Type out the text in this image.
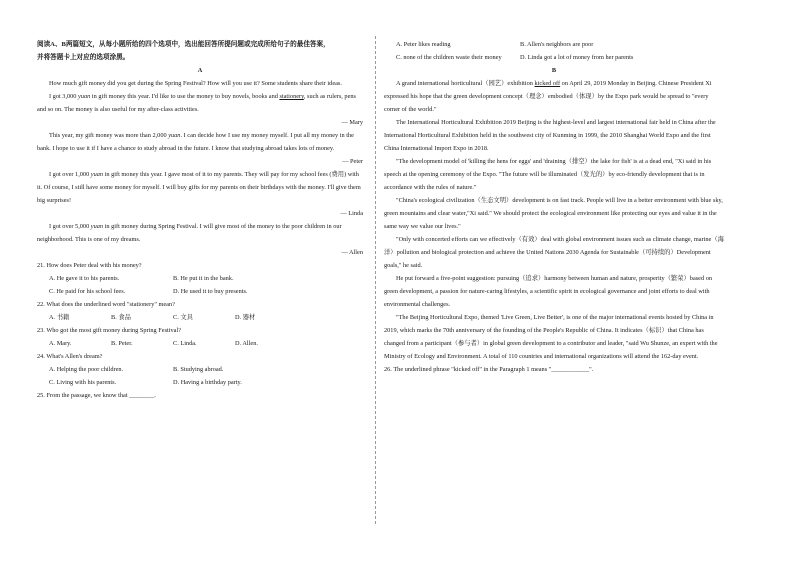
阅读A、B两篇短文，从每小题所给的四个选项中，选出能回答所提问题或完成所给句子的最佳答案，

并将答题卡上对应的选项涂黑。

A

How much gift money did you get during the Spring Festival? How will you use it? Some students share their ideas.

I got 3,000 yuan in gift money this year. I'd like to use the money to buy novels, books and stationery, such as rulers, pens and so on. The money is also useful for my after-class activities.

— Mary

This year, my gift money was more than 2,000 yuan. I can decide how I use my money myself. I put all my money in the bank. I hope to use it if I have a chance to study abroad in the future. I know that studying abroad takes lots of money.

— Peter

I got over 1,000 yuan in gift money this year. I gave most of it to my parents. They will pay for my school fees (费用) with it. Of course, I still have some money for myself. I will buy gifts for my parents on their birthdays with the money. I'll give them big surprises!

— Linda

I got over 5,000 yuan in gift money during Spring Festival. I will give most of the money to the poor children in our neighborhood. This is one of my dreams.

— Allen

21. How does Peter deal with his money?

A. He gave it to his parents.	B. He put it in the bank.
C. He paid for his school fees.	D. He used it to buy presents.

22. What does the underlined word "stationery" mean?

A. 书籍	B. 食品	C. 文具	D. 器材

23. Who got the most gift money during Spring Festival?

A. Mary.	B. Peter.	C. Linda.	D. Allen.

24. What's Allen's dream?

A. Helping the poor children.	B. Studying abroad.
C. Living with his parents.	D. Having a birthday party.

25. From the passage, we know that ________.

A. Peter likes reading	B. Allen's neighbors are poor
C. none of the children waste their money	D. Linda got a lot of money from her parents

B

A grand international horticultural（园艺）exhibition kicked off on April 29, 2019 Monday in Beijing. Chinese President Xi expressed his hope that the green development concept（理念）embodied（体现）by the Expo park would be spread to "every corner of the world."

The International Horticultural Exhibition 2019 Beijing is the highest-level and largest international fair held in China after the International Horticultural Exhibition held in the southwest city of Kunming in 1999, the 2010 Shanghai World Expo and the first China International Import Expo in 2018.

"The development model of 'killing the hens for eggs' and 'draining（排空）the lake for fish' is at a dead end, "Xi said in his speech at the opening ceremony of the Expo. "The future will be illuminated（发光的）by eco-friendly development that is in accordance with the rules of nature."

"China's ecological civilization（生态文明）development is on fast track. People will live in a better environment with blue sky, green mountains and clear water,"Xi said." We should protect the ecological environment like protecting our eyes and value it in the same way we value our lives."

"Only with concerted efforts can we effectively（有效）deal with global environment issues such as climate change, marine（海洋）pollution and biological protection and achieve the United Nations 2030 Agenda for Sustainable（可持续的）Development goals," he said.

He put forward a five-point suggestion: pursuing（追求）harmony between human and nature, prosperity（繁荣）based on green development, a passion for nature-caring lifestyles, a scientific spirit in ecological governance and joint efforts to deal with environmental challenges.

"The Beijing Horticultural Expo, themed 'Live Green, Live Better', is one of the major international events hosted by China in 2019, which marks the 70th anniversary of the founding of the People's Republic of China. It indicates（标识）that China has changed from a participant（参与者）in global green development to a contributor and leader, "said Wu Shunze, an expert with the Ministry of Ecology and Environment. A total of 110 countries and international organizations will attend the 162-day event.

26. The underlined phrase "kicked off" in the Paragraph 1 means "____________".
